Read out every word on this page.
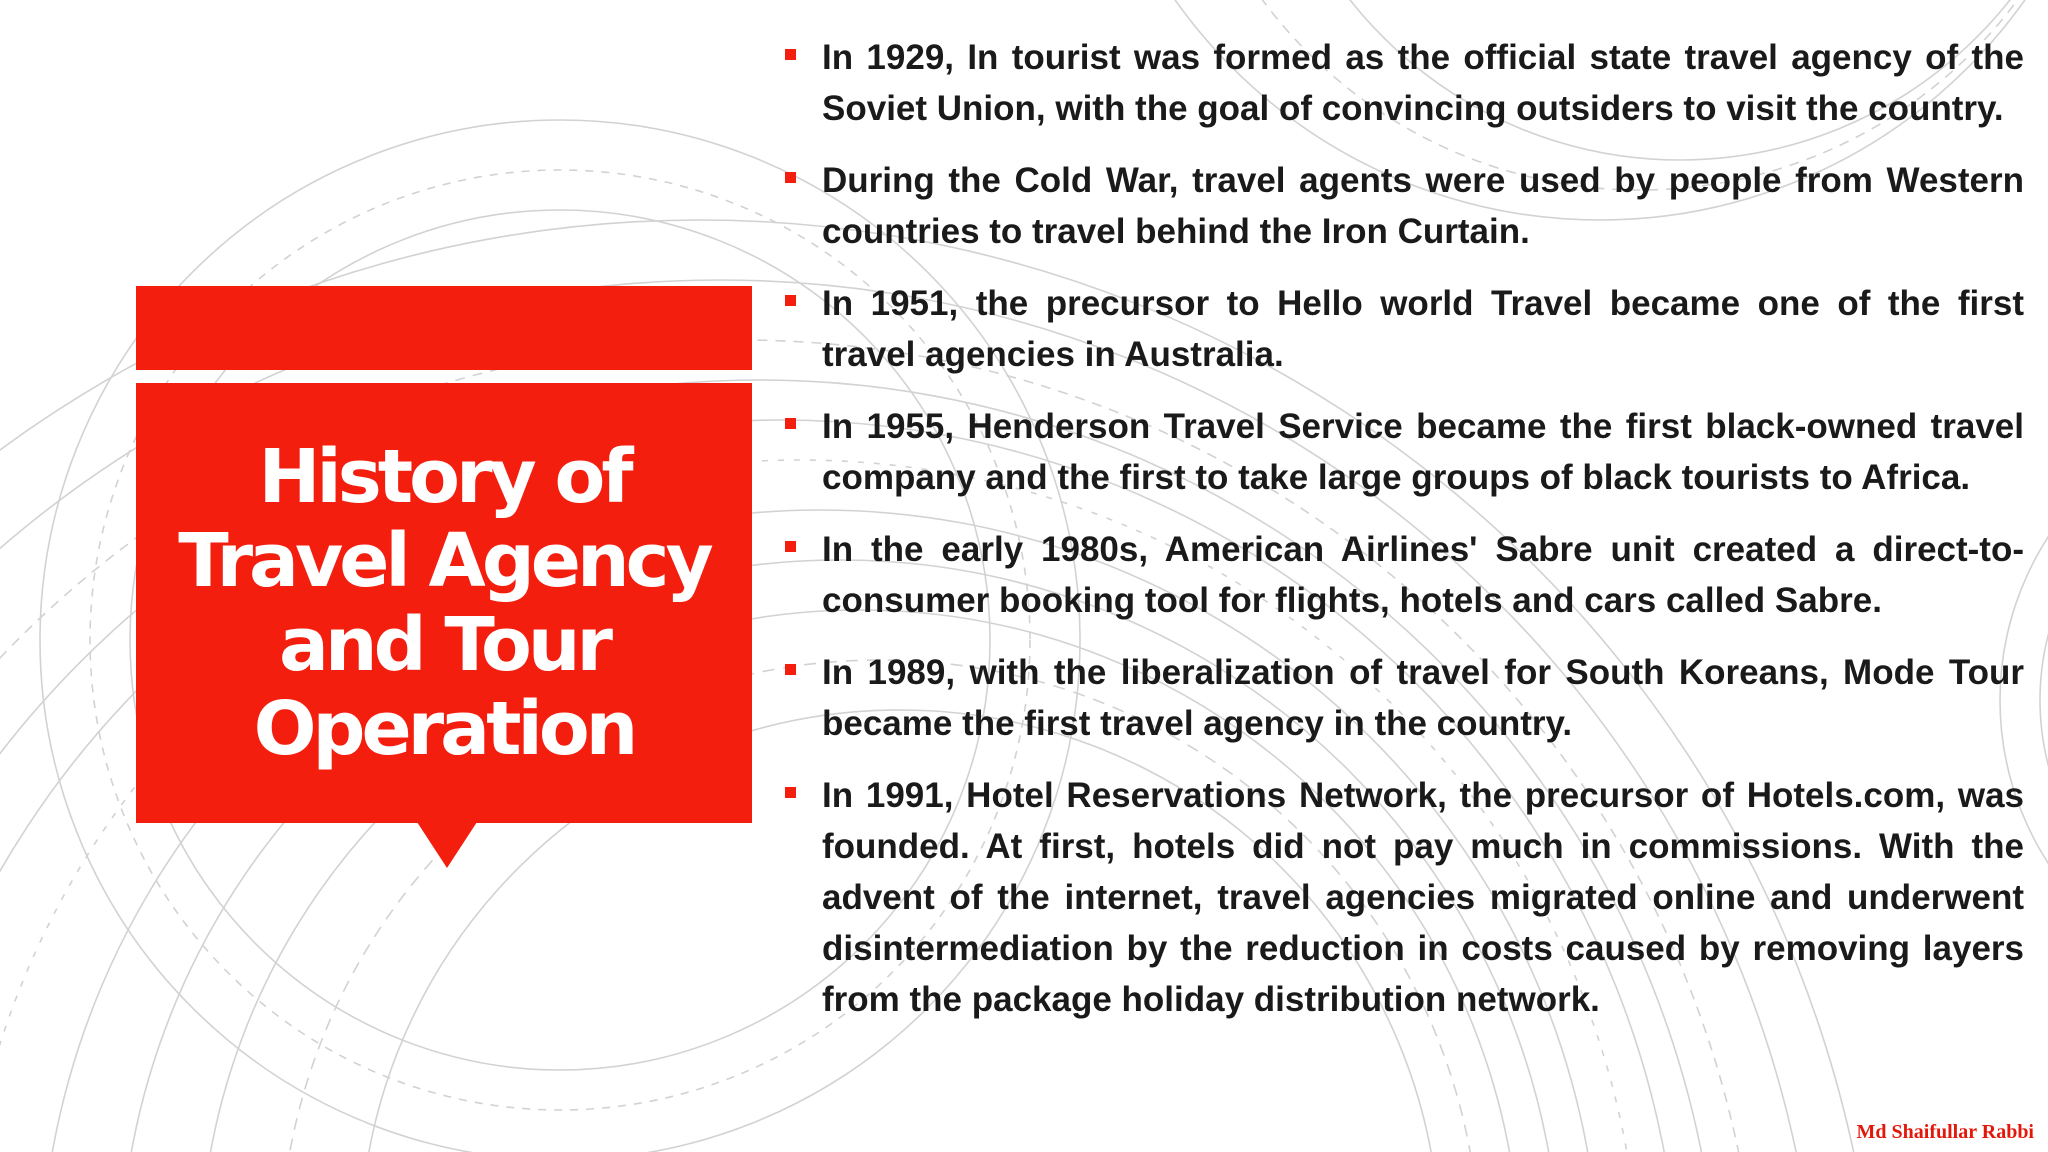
History of Travel Agency and Tour Operation
In 1929, In tourist was formed as the official state travel agency of the Soviet Union, with the goal of convincing outsiders to visit the country.
During the Cold War, travel agents were used by people from Western countries to travel behind the Iron Curtain.
In 1951, the precursor to Hello world Travel became one of the first travel agencies in Australia.
In 1955, Henderson Travel Service became the first black-owned travel company and the first to take large groups of black tourists to Africa.
In the early 1980s, American Airlines' Sabre unit created a direct-to-consumer booking tool for flights, hotels and cars called Sabre.
In 1989, with the liberalization of travel for South Koreans, Mode Tour became the first travel agency in the country.
In 1991, Hotel Reservations Network, the precursor of Hotels.com, was founded. At first, hotels did not pay much in commissions. With the advent of the internet, travel agencies migrated online and underwent disintermediation by the reduction in costs caused by removing layers from the package holiday distribution network.
Md Shaifullar Rabbi
